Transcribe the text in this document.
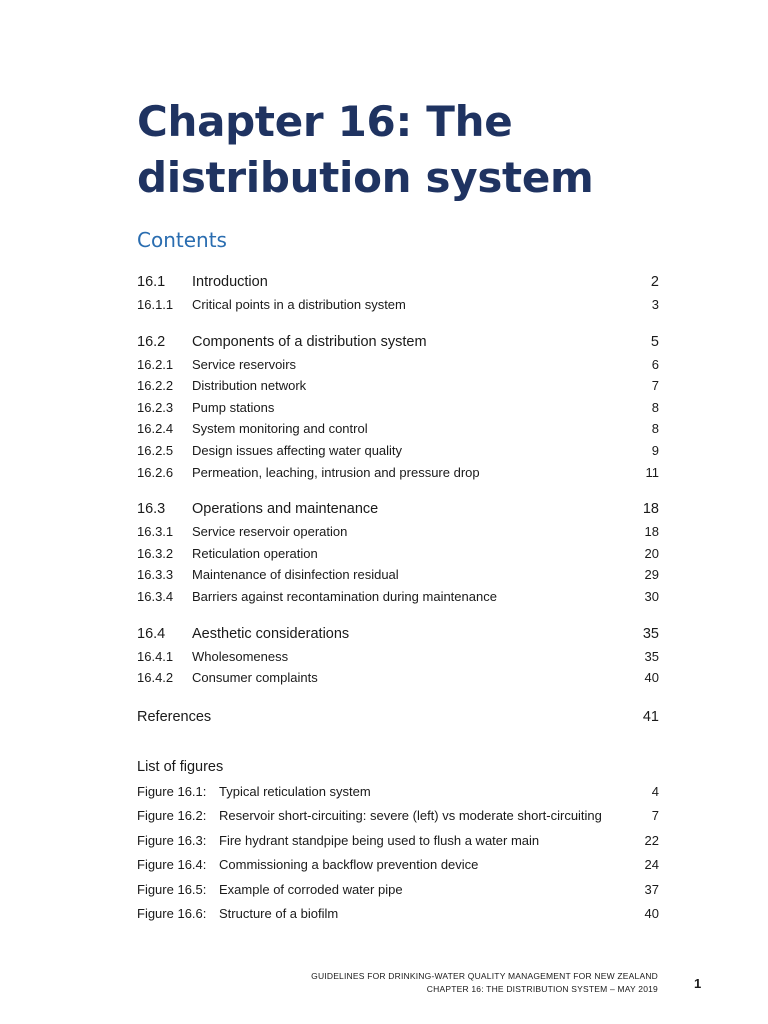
Chapter 16: The
distribution system
Contents
16.1	Introduction	2
16.1.1	Critical points in a distribution system	3
16.2	Components of a distribution system	5
16.2.1	Service reservoirs	6
16.2.2	Distribution network	7
16.2.3	Pump stations	8
16.2.4	System monitoring and control	8
16.2.5	Design issues affecting water quality	9
16.2.6	Permeation, leaching, intrusion and pressure drop	11
16.3	Operations and maintenance	18
16.3.1	Service reservoir operation	18
16.3.2	Reticulation operation	20
16.3.3	Maintenance of disinfection residual	29
16.3.4	Barriers against recontamination during maintenance	30
16.4	Aesthetic considerations	35
16.4.1	Wholesomeness	35
16.4.2	Consumer complaints	40
References	41
List of figures
Figure 16.1: Typical reticulation system	4
Figure 16.2: Reservoir short-circuiting: severe (left) vs moderate short-circuiting	7
Figure 16.3: Fire hydrant standpipe being used to flush a water main	22
Figure 16.4: Commissioning a backflow prevention device	24
Figure 16.5: Example of corroded water pipe	37
Figure 16.6: Structure of a biofilm	40
GUIDELINES FOR DRINKING-WATER QUALITY MANAGEMENT FOR NEW ZEALAND
CHAPTER 16: THE DISTRIBUTION SYSTEM – MAY 2019	1
